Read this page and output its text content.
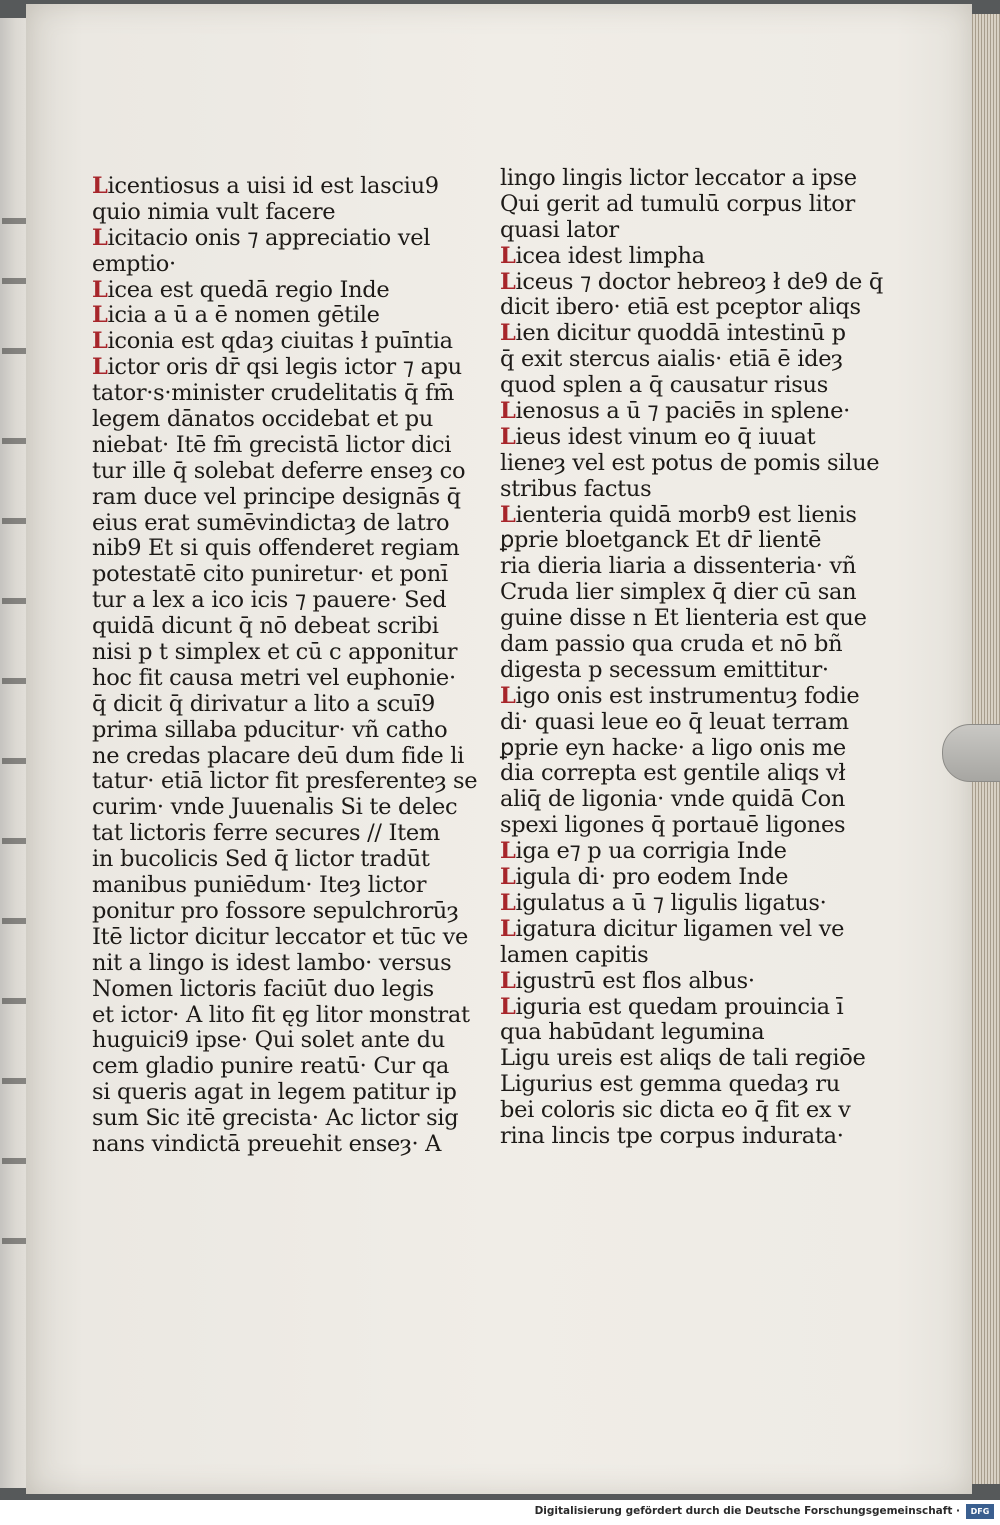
Licentiosus a uisi id est lasciu9
quio nimia vult facere
Licitacio onis ⁊ appreciatio vel
emptio·
Licea est quedā regio Inde
Licia a ū a ē nomen gētile
Liconia est qdaȝ ciuitas ł puīntia
Lictor oris dr̄ qsi legis ictor ⁊ apu
tator·s·minister crudelitatis q̄ fm̄
legem dānatos occidebat et pu
niebat· Itē fm̄ grecistā lictor dici
tur ille q̄ solebat deferre enseȝ co
ram duce vel principe designās q̄
eius erat sumēvindictaȝ de latro
nib9 Et si quis offenderet regiam
potestatē cito puniretur· et ponī
tur a lex a ico icis ⁊ pauere· Sed
quidā dicunt q̄ nō debeat scribi
nisi p t simplex et cū c apponitur
hoc fit causa metri vel euphonie·
q̄ dicit q̄ dirivatur a lito a scuī9
prima sillaba pducitur· vñ catho
ne credas placare deū dum fide li
tatur· etiā lictor fit presferenteȝ se
curim· vnde Juuenalis Si te delec
tat lictoris ferre secures // Item
in bucolicis Sed q̄ lictor tradūt
manibus puniēdum· Iteȝ lictor
ponitur pro fossore sepulchrorūȝ
Itē lictor dicitur leccator et tūc ve
nit a lingo is idest lambo· versus
Nomen lictoris faciūt duo legis
et ictor· A lito fit ęg litor monstrat
huguici9 ipse· Qui solet ante du
cem gladio punire reatū· Cur qa
si queris agat in legem patitur ip
sum Sic itē grecista· Ac lictor sig
nans vindictā preuehit enseȝ· A
lingo lingis lictor leccator a ipse
Qui gerit ad tumulū corpus litor
quasi lator
Licea idest limpha
Liceus ⁊ doctor hebreoȝ ł de9 de q̄
dicit ibero· etiā est pceptor aliqs
Lien dicitur quoddā intestinū p
q̄ exit stercus aialis· etiā ē ideȝ
quod splen a q̄ causatur risus
Lienosus a ū ⁊ paciēs in splene·
Lieus idest vinum eo q̄ iuuat
lieneȝ vel est potus de pomis silue
stribus factus
Lienteria quidā morb9 est lienis
ꝑprie bloetganck Et dr̄ lientē
ria dieria liaria a dissenteria· vñ
Cruda lier simplex q̄ dier cū san
guine disse n Et lienteria est que
dam passio qua cruda et nō bñ
digesta p secessum emittitur·
Ligo onis est instrumentuȝ fodie
di· quasi leue eo q̄ leuat terram
ꝑprie eyn hacke· a ligo onis me
dia correpta est gentile aliqs vł
aliq̄ de ligonia· vnde quidā Con
spexi ligones q̄ portauē ligones
Liga e⁊ p ua corrigia Inde
Ligula di· pro eodem Inde
Ligulatus a ū ⁊ ligulis ligatus·
Ligatura dicitur ligamen vel ve
lamen capitis
Ligustrū est flos albus·
Liguria est quedam prouincia ī
qua habūdant legumina
Ligu ureis est aliqs de tali regiōe
Ligurius est gemma quedaȝ ru
bei coloris sic dicta eo q̄ fit ex v
rina lincis tpe corpus indurata·
Digitalisierung gefördert durch die Deutsche Forschungsgemeinschaft ·	DFG
